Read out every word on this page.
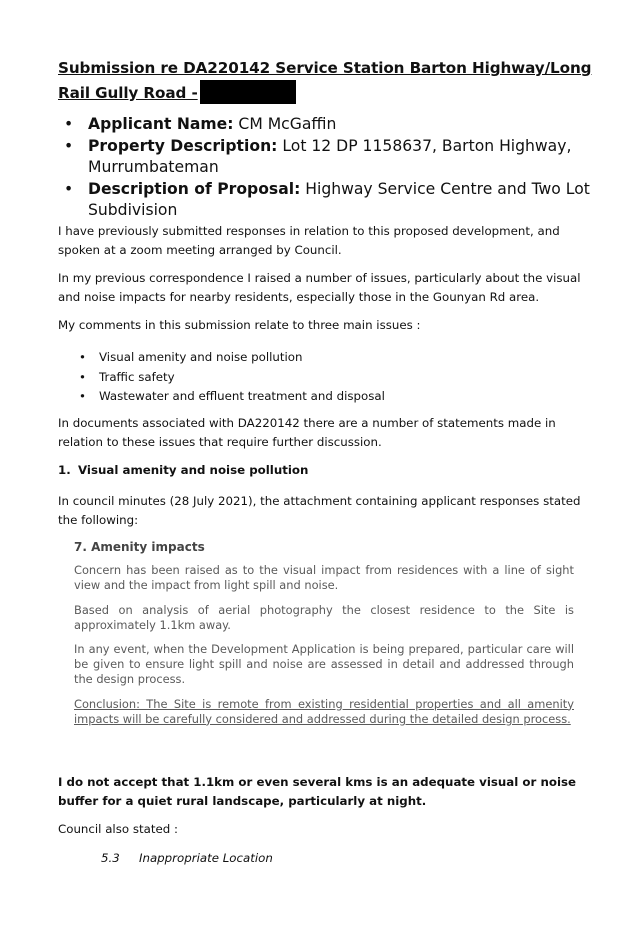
Submission re DA220142 Service Station Barton Highway/Long Rail Gully Road -
• Applicant Name: CM McGaffin
• Property Description: Lot 12 DP 1158637, Barton Highway, Murrumbateman
• Description of Proposal: Highway Service Centre and Two Lot Subdivision

I have previously submitted responses in relation to this proposed development, and spoken at a zoom meeting arranged by Council.

In my previous correspondence I raised a number of issues, particularly about the visual and noise impacts for nearby residents, especially those in the Gounyan Rd area.

My comments in this submission relate to three main issues :

• Visual amenity and noise pollution
• Traffic safety
• Wastewater and effluent treatment and disposal

In documents associated with DA220142 there are a number of statements made in relation to these issues that require further discussion.

1. Visual amenity and noise pollution

In council minutes (28 July 2021), the attachment containing applicant responses stated the following:

7. Amenity impacts

Concern has been raised as to the visual impact from residences with a line of sight view and the impact from light spill and noise.

Based on analysis of aerial photography the closest residence to the Site is approximately 1.1km away.

In any event, when the Development Application is being prepared, particular care will be given to ensure light spill and noise are assessed in detail and addressed through the design process.

Conclusion: The Site is remote from existing residential properties and all amenity impacts will be carefully considered and addressed during the detailed design process.

I do not accept that 1.1km or even several kms is an adequate visual or noise buffer for a quiet rural landscape, particularly at night.

Council also stated :

5.3 Inappropriate Location
